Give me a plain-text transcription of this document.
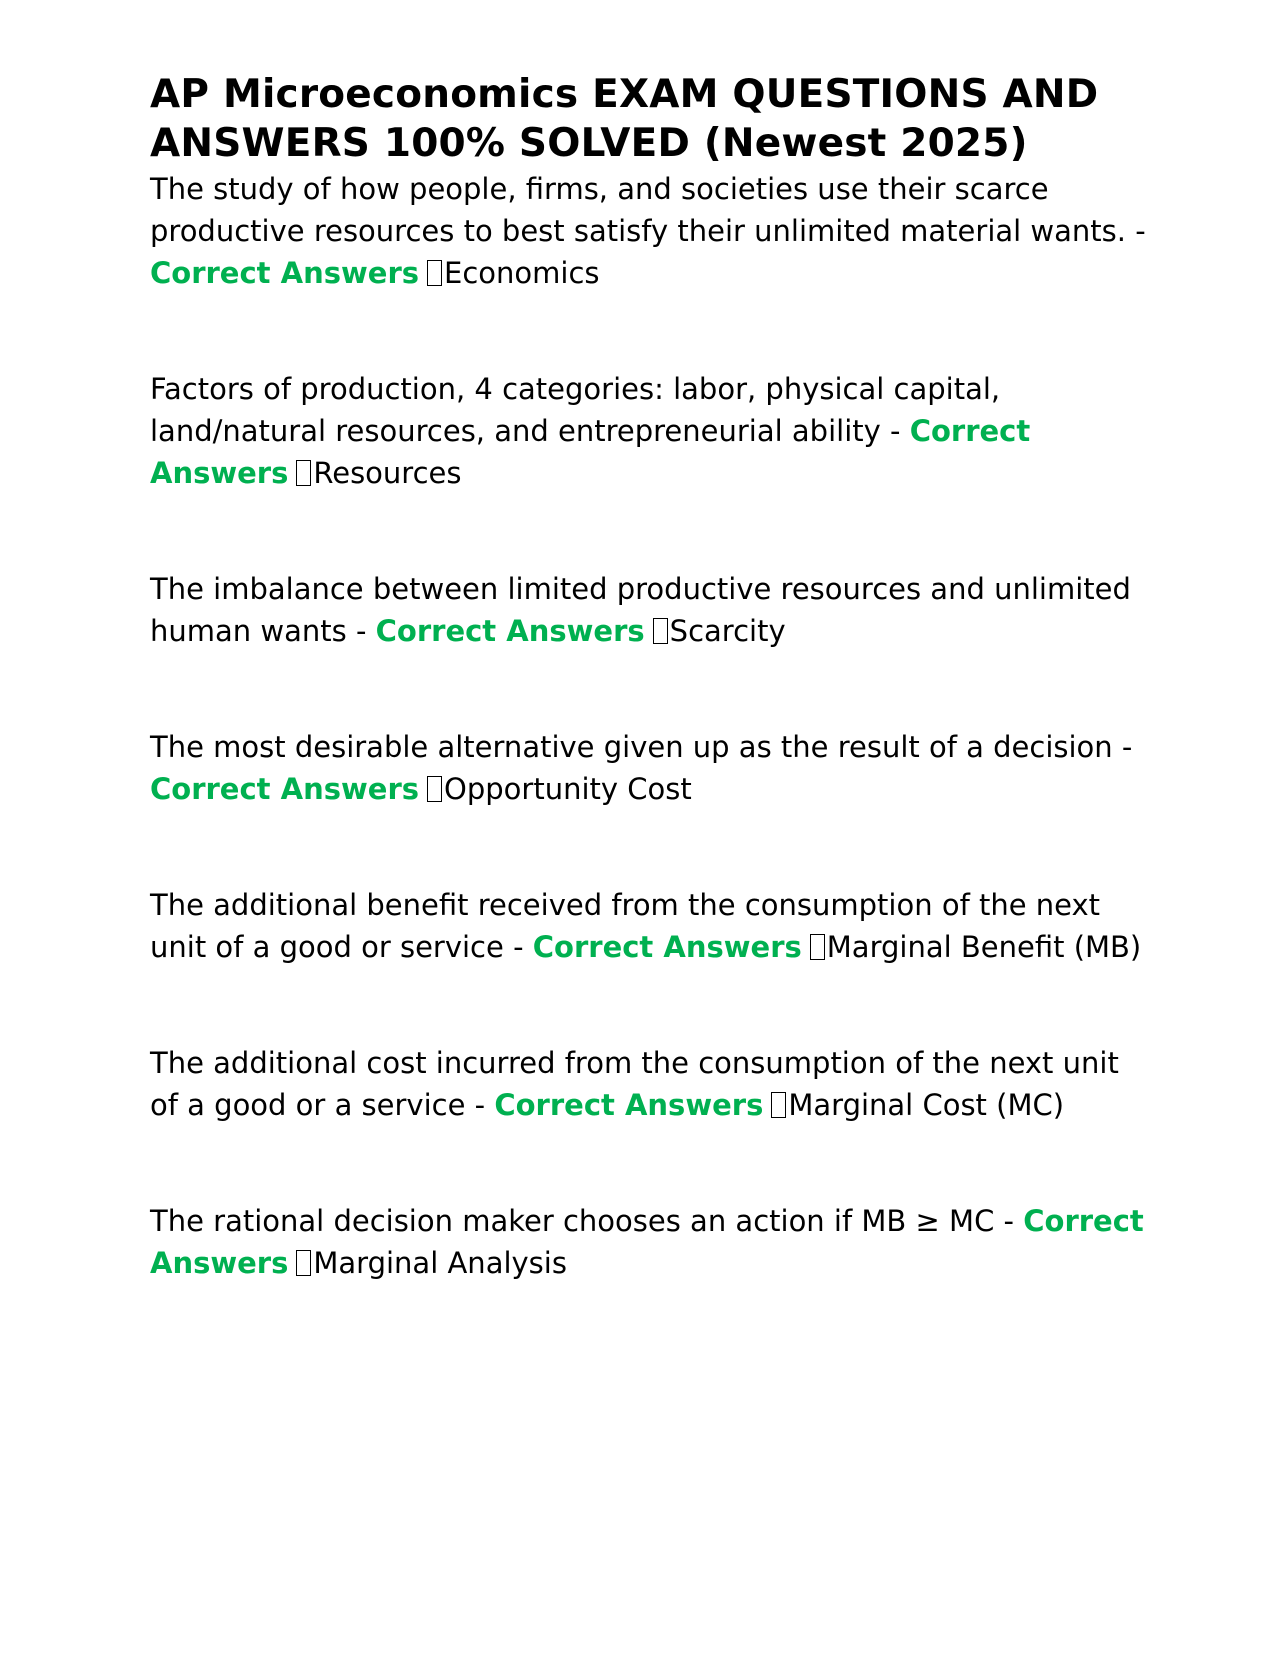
AP Microeconomics EXAM QUESTIONS AND ANSWERS 100% SOLVED (Newest 2025)

The study of how people, firms, and societies use their scarce productive resources to best satisfy their unlimited material wants. - Correct Answers Economics

Factors of production, 4 categories: labor, physical capital, land/natural resources, and entrepreneurial ability - Correct Answers Resources

The imbalance between limited productive resources and unlimited human wants - Correct Answers Scarcity

The most desirable alternative given up as the result of a decision - Correct Answers Opportunity Cost

The additional benefit received from the consumption of the next unit of a good or service - Correct Answers Marginal Benefit (MB)

The additional cost incurred from the consumption of the next unit of a good or a service - Correct Answers Marginal Cost (MC)

The rational decision maker chooses an action if MB ≥ MC - Correct Answers Marginal Analysis
